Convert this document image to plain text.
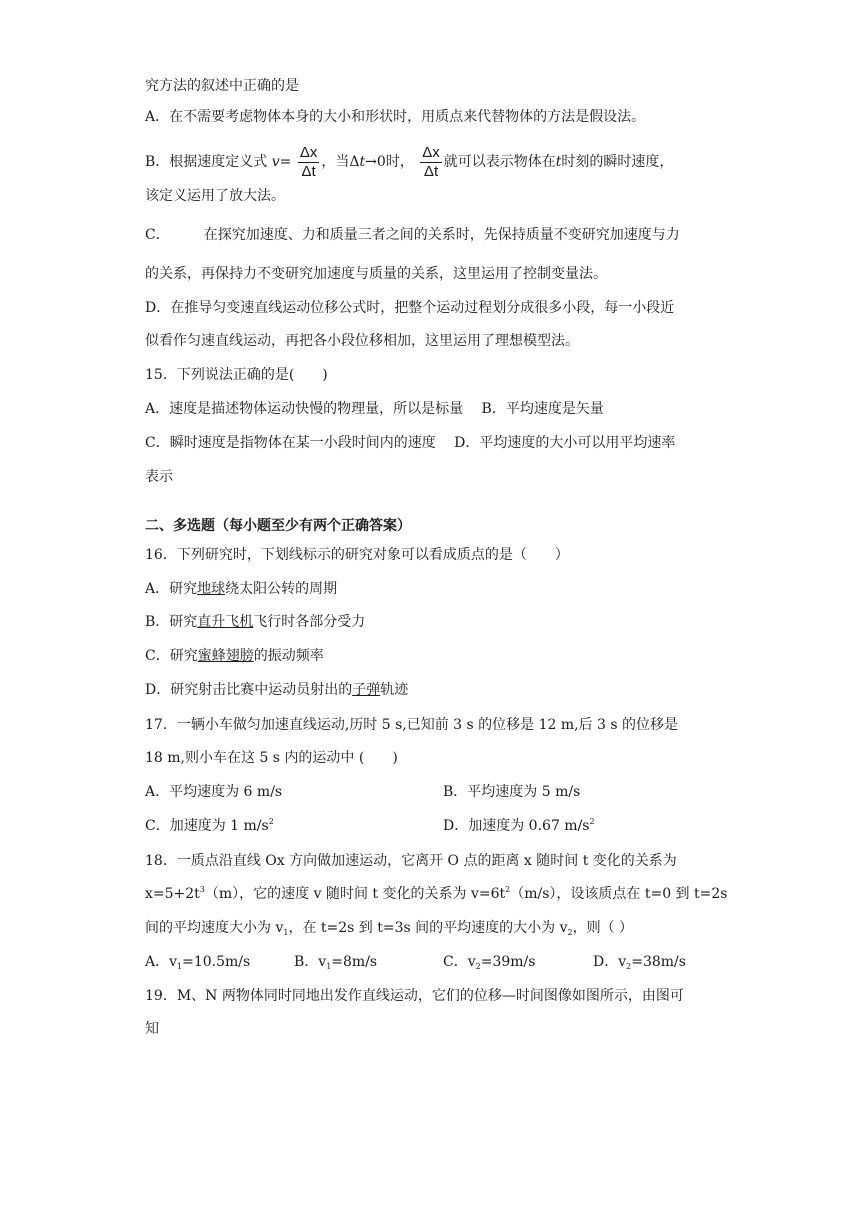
究方法的叙述中正确的是
A．在不需要考虑物体本身的大小和形状时，用质点来代替物体的方法是假设法。
B．根据速度定义式 $v= \frac{\Delta x}{\Delta t}$ ，当Δt→0时， $\frac{\Delta x}{\Delta t}$ 就可以表示物体在t时刻的瞬时速度，
该定义运用了放大法。
C． 在探究加速度、力和质量三者之间的关系时，先保持质量不变研究加速度与力
的关系，再保持力不变研究加速度与质量的关系，这里运用了控制变量法。
D．在推导匀变速直线运动位移公式时，把整个运动过程划分成很多小段，每一小段近
似看作匀速直线运动，再把各小段位移相加，这里运用了理想模型法。
15．下列说法正确的是(　　)
A．速度是描述物体运动快慢的物理量，所以是标量　 B．平均速度是矢量
C．瞬时速度是指物体在某一小段时间内的速度　 D．平均速度的大小可以用平均速率
表示
二、多选题（每小题至少有两个正确答案）
16．下列研究时，下划线标示的研究对象可以看成质点的是（　　）
A．研究地球绕太阳公转的周期
B．研究直升飞机飞行时各部分受力
C．研究蜜蜂翅膀的振动频率
D．研究射击比赛中运动员射出的子弹轨迹
17．一辆小车做匀加速直线运动,历时 5 s,已知前 3 s 的位移是 12 m,后 3 s 的位移是
18 m,则小车在这 5 s 内的运动中 (　　)
A．平均速度为 6 m/s	B．平均速度为 5 m/s
C．加速度为 1 $m/s^2$	D．加速度为 0.67 $m/s^2$
18．一质点沿直线 Ox 方向做加速运动，它离开 O 点的距离 x 随时间 t 变化的关系为
$x=5+2t^3(m)$，它的速度 v 随时间 t 变化的关系为 $v=6t^2(m/s)$，设该质点在 t=0 到 t=2s
间的平均速度大小为 $v_1$，在 t=2s 到 t=3s 间的平均速度的大小为 $v_2$，则（ ）
A．$v_1=10.5m/s$	B．$v_1=8m/s$	C．$v_2=39m/s$	D．$v_2=38m/s$
19．M、N 两物体同时同地出发作直线运动，它们的位移—时间图像如图所示，由图可
知
